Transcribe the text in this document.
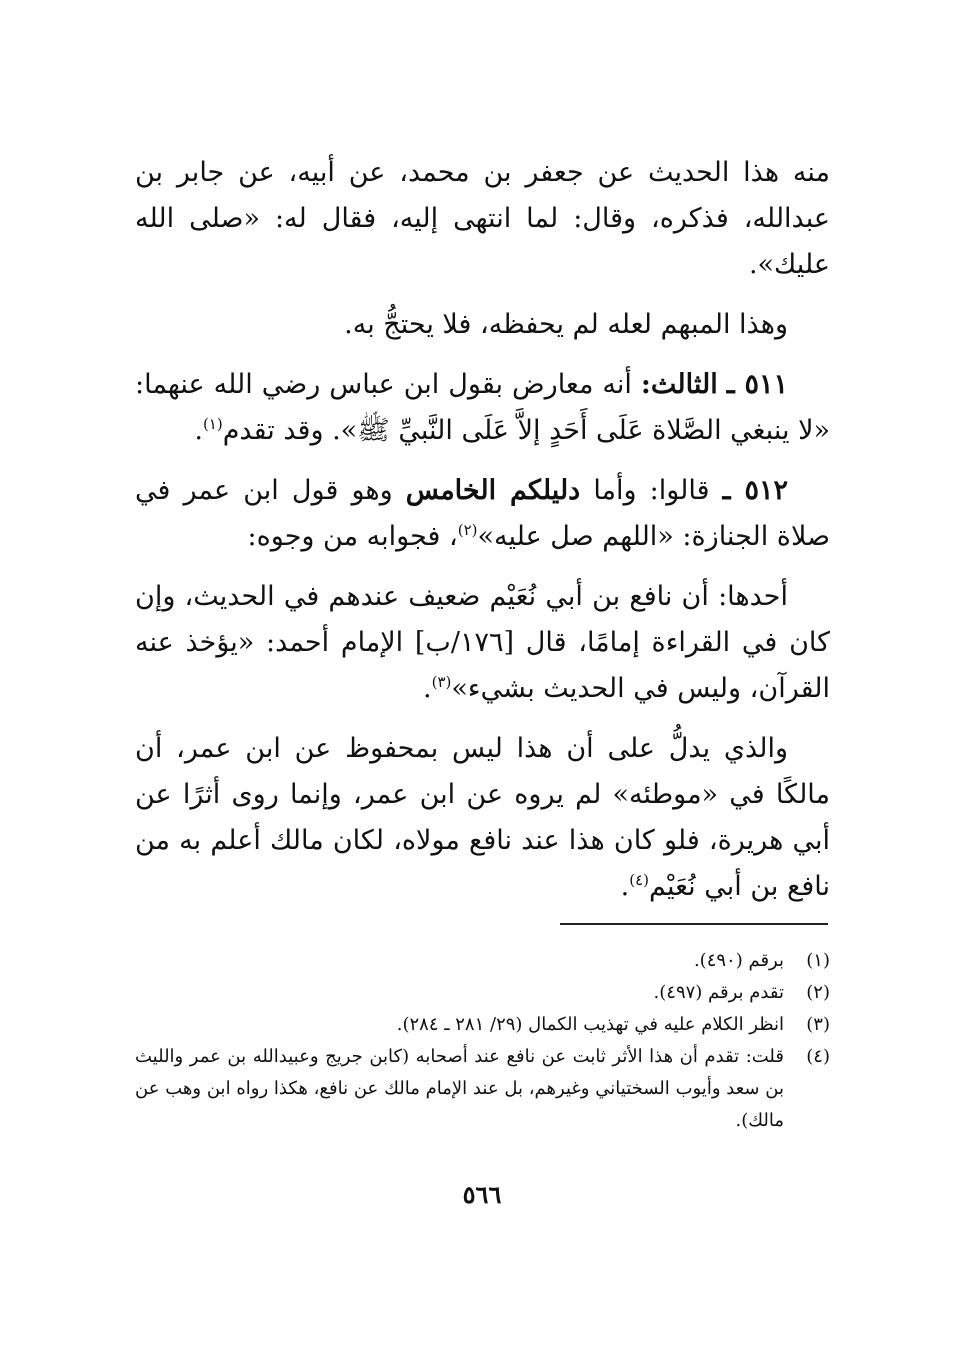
منه هذا الحديث عن جعفر بن محمد، عن أبيه، عن جابر بن عبدالله، فذكره، وقال: لما انتهى إليه، فقال له: «صلى الله عليك».

وهذا المبهم لعله لم يحفظه، فلا يحتجُّ به.

٥١١ ـ الثالث: أنه معارض بقول ابن عباس رضي الله عنهما: «لا ينبغي الصَّلاة عَلَى أَحَدٍ إلاَّ عَلَى النَّبيِّ ﷺ». وقد تقدم$^{(١)}$.

٥١٢ ـ قالوا: وأما دليلكم الخامس وهو قول ابن عمر في صلاة الجنازة: «اللهم صل عليه»$^{(٢)}$، فجوابه من وجوه:

أحدها: أن نافع بن أبي نُعَيْم ضعيف عندهم في الحديث، وإن كان في القراءة إمامًا، قال [١٧٦/ب] الإمام أحمد: «يؤخذ عنه القرآن، وليس في الحديث بشيء»$^{(٣)}$.

والذي يدلُّ على أن هذا ليس بمحفوظ عن ابن عمر، أن مالكًا في «موطئه» لم يروه عن ابن عمر، وإنما روى أثرًا عن أبي هريرة، فلو كان هذا عند نافع مولاه، لكان مالك أعلم به من نافع بن أبي نُعَيْم$^{(٤)}$.

(١)
برقم (٤٩٠).
(٢)
تقدم برقم (٤٩٧).
(٣)
انظر الكلام عليه في تهذيب الكمال (٢٩/ ٢٨١ ـ ٢٨٤).
(٤)
قلت: تقدم أن هذا الأثر ثابت عن نافع عند أصحابه (كابن جريج وعبيدالله بن عمر والليث بن سعد وأيوب السختياني وغيرهم، بل عند الإمام مالك عن نافع، هكذا رواه ابن وهب عن مالك).
٥٦٦
